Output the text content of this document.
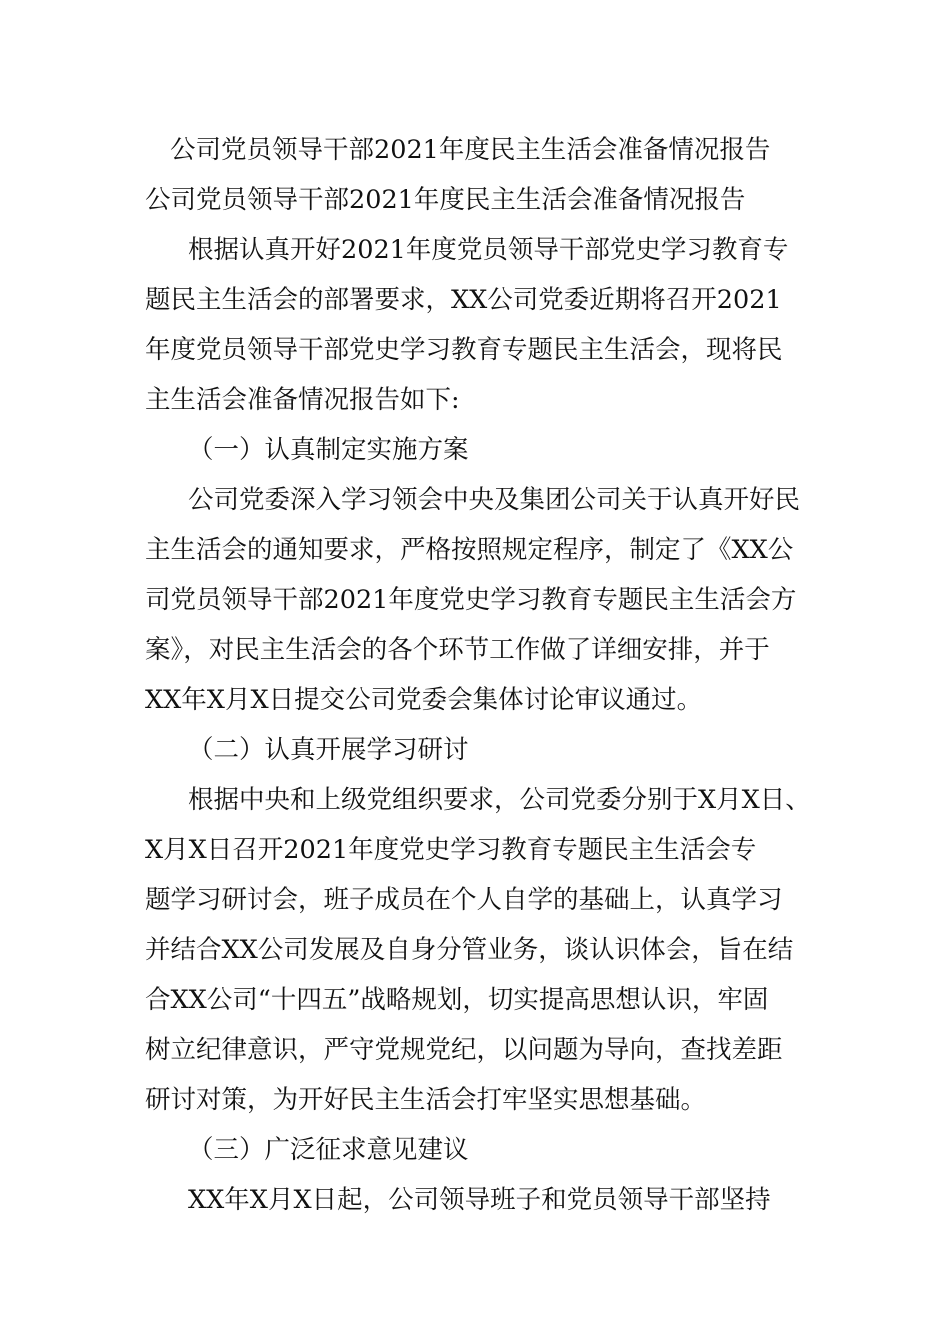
公司党员领导干部2021年度民主生活会准备情况报告
公司党员领导干部2021年度民主生活会准备情况报告
根据认真开好2021年度党员领导干部党史学习教育专
题民主生活会的部署要求，XX公司党委近期将召开2021
年度党员领导干部党史学习教育专题民主生活会，现将民
主生活会准备情况报告如下:
（一）认真制定实施方案
公司党委深入学习领会中央及集团公司关于认真开好民
主生活会的通知要求，严格按照规定程序，制定了《XX公
司党员领导干部2021年度党史学习教育专题民主生活会方
案》，对民主生活会的各个环节工作做了详细安排，并于
XX年X月X日提交公司党委会集体讨论审议通过。
（二）认真开展学习研讨
根据中央和上级党组织要求，公司党委分别于X月X日、
X月X日召开2021年度党史学习教育专题民主生活会专
题学习研讨会，班子成员在个人自学的基础上，认真学习
并结合XX公司发展及自身分管业务，谈认识体会，旨在结
合XX公司“十四五”战略规划，切实提高思想认识，牢固
树立纪律意识，严守党规党纪，以问题为导向，查找差距
研讨对策，为开好民主生活会打牢坚实思想基础。
（三）广泛征求意见建议
XX年X月X日起，公司领导班子和党员领导干部坚持
